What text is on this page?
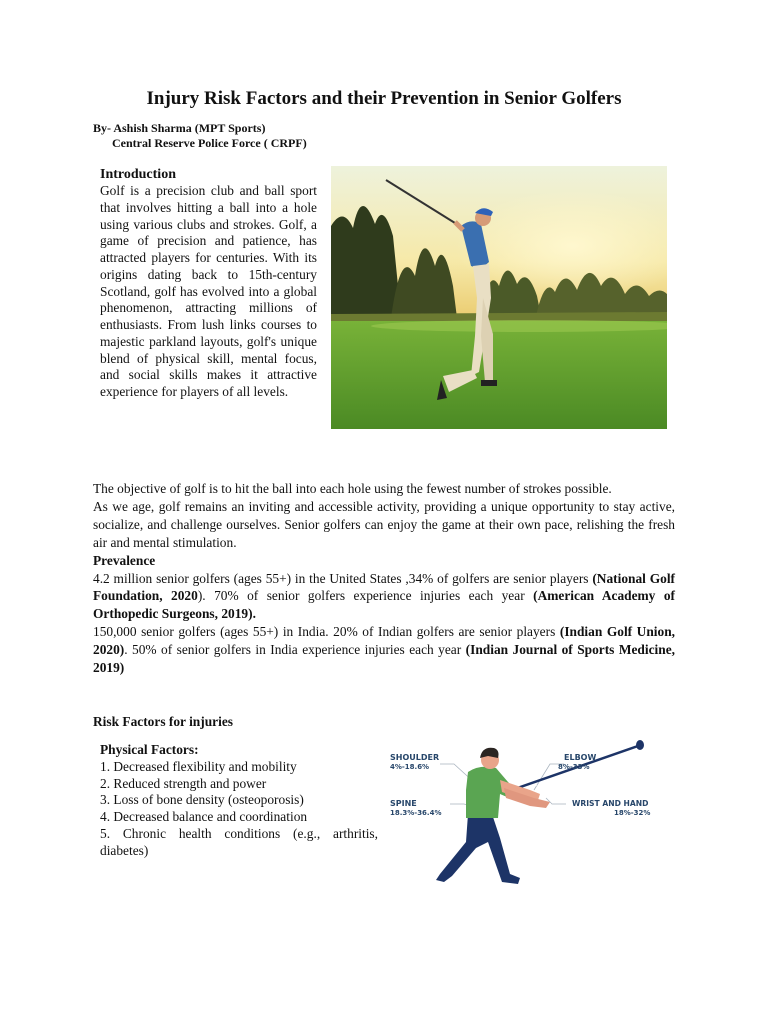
Injury Risk Factors and their Prevention in Senior Golfers
By- Ashish Sharma (MPT Sports)
Central Reserve Police Force ( CRPF)
Introduction

Golf is a precision club and ball sport that involves hitting a ball into a hole using various clubs and strokes. Golf, a game of precision and patience, has attracted players for centuries. With its origins dating back to 15th-century Scotland, golf has evolved into a global phenomenon, attracting millions of enthusiasts. From lush links courses to majestic parkland layouts, golf's unique blend of physical skill, mental focus, and social skills makes it attractive experience for players of all levels.

The objective of golf is to hit the ball into each hole using the fewest number of strokes possible.

As we age, golf remains an inviting and accessible activity, providing a unique opportunity to stay active, socialize, and challenge ourselves. Senior golfers can enjoy the game at their own pace, relishing the fresh air and mental stimulation.

Prevalence

4.2 million senior golfers (ages 55+) in the United States ,34% of golfers are senior players (National Golf Foundation, 2020). 70% of senior golfers experience injuries each year (American Academy of Orthopedic Surgeons, 2019).

150,000 senior golfers (ages 55+) in India. 20% of Indian golfers are senior players (Indian Golf Union, 2020). 50% of senior golfers in India experience injuries each year (Indian Journal of Sports Medicine, 2019)

Risk Factors for injuries
Physical Factors:
1. Decreased flexibility and mobility
2. Reduced strength and power
3. Loss of bone density (osteoporosis)
4. Decreased balance and coordination
5. Chronic health conditions (e.g., arthritis, diabetes)
SHOULDER
4%-18.6%
ELBOW
8%-33%
SPINE
18.3%-36.4%
WRIST AND HAND
18%-32%
